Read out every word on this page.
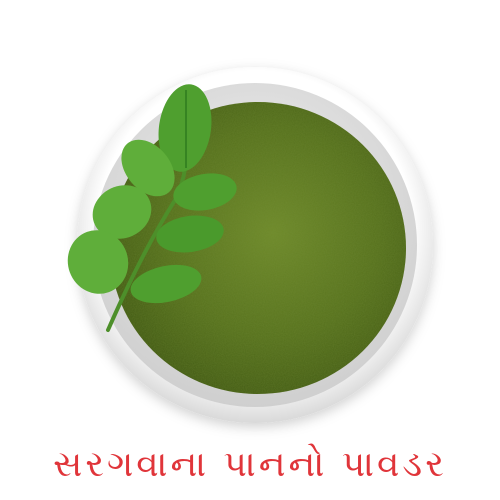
સરગવાના પાનનો પાવડર
